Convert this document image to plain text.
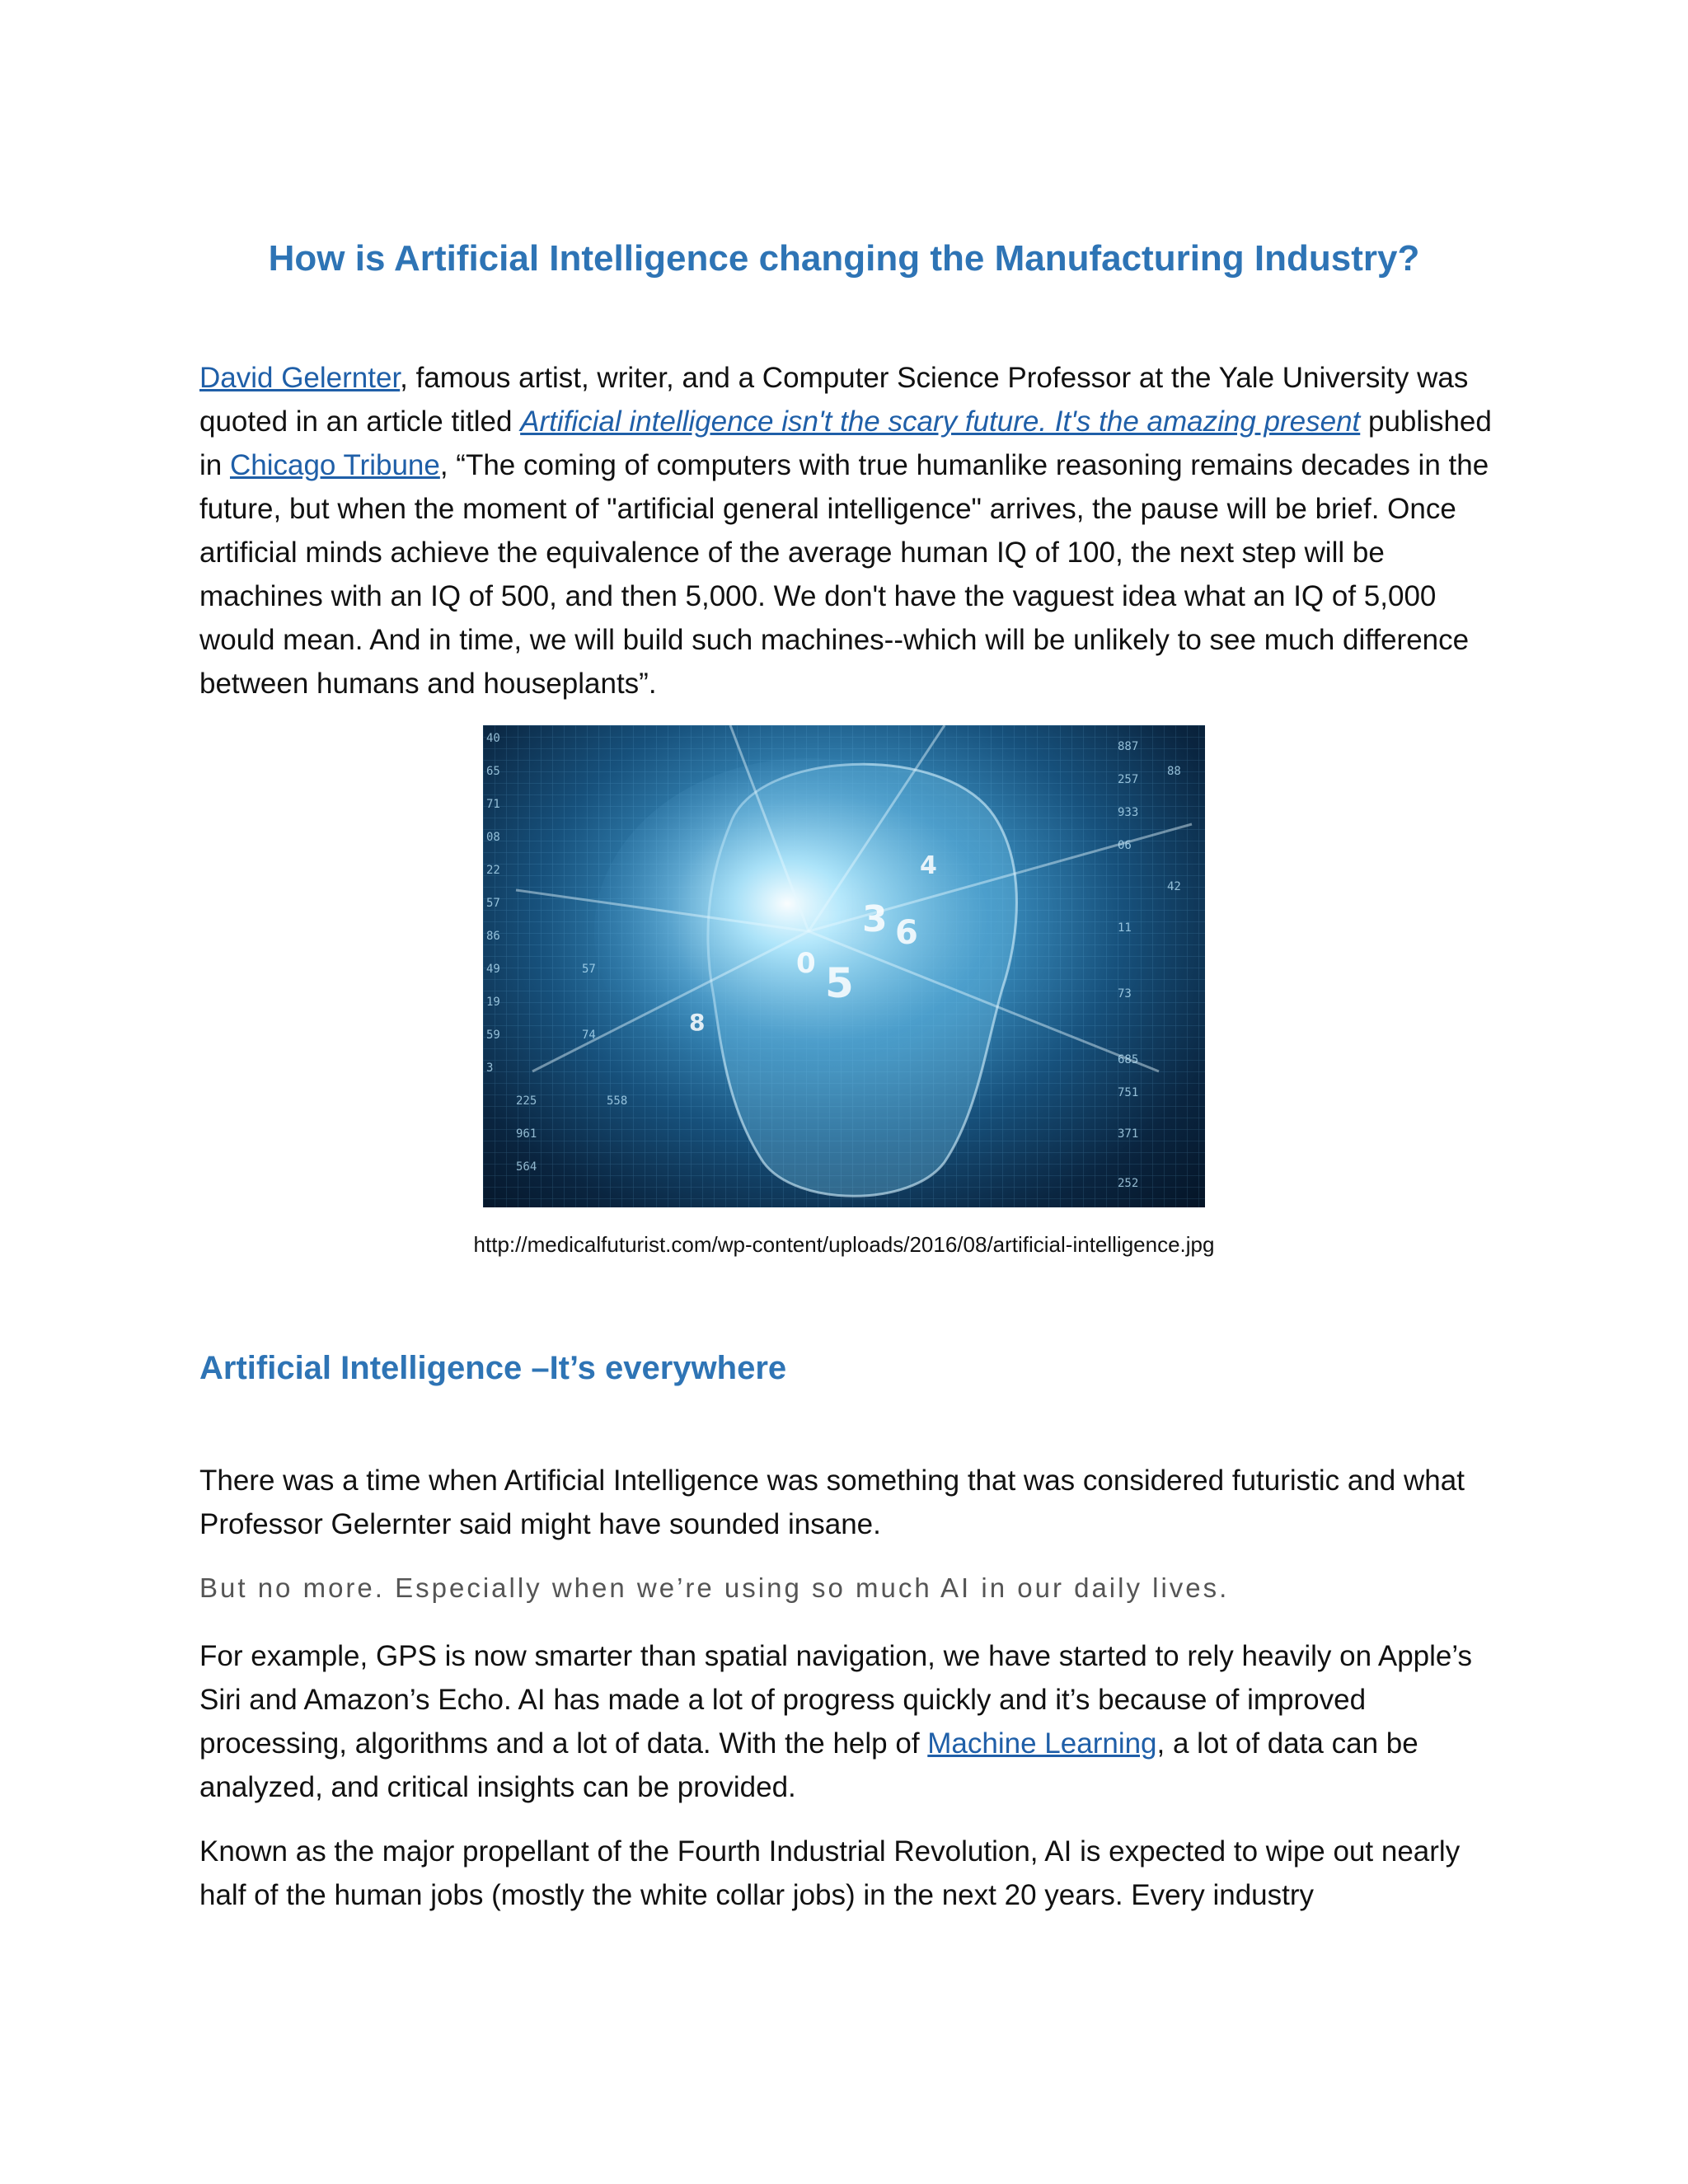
How is Artificial Intelligence changing the Manufacturing Industry?

David Gelernter, famous artist, writer, and a Computer Science Professor at the Yale University was quoted in an article titled Artificial intelligence isn't the scary future. It's the amazing present published in Chicago Tribune, “The coming of computers with true humanlike reasoning remains decades in the future, but when the moment of "artificial general intelligence" arrives, the pause will be brief. Once artificial minds achieve the equivalence of the average human IQ of 100, the next step will be machines with an IQ of 500, and then 5,000. We don't have the vaguest idea what an IQ of 5,000 would mean. And in time, we will build such machines--which will be unlikely to see much difference between humans and houseplants”.

40
65
71
08
22
57
86
49
19
59
3
225
961
564
887
257
933
06
11
73
685
751
371
252
88
42
57
74
558
3 6
5
0
8
4
http://medicalfuturist.com/wp-content/uploads/2016/08/artificial-intelligence.jpg
Artificial Intelligence –It’s everywhere

There was a time when Artificial Intelligence was something that was considered futuristic and what Professor Gelernter said might have sounded insane.

But no more. Especially when we’re using so much AI in our daily lives.

For example, GPS is now smarter than spatial navigation, we have started to rely heavily on Apple’s Siri and Amazon’s Echo. AI has made a lot of progress quickly and it’s because of improved processing, algorithms and a lot of data. With the help of Machine Learning, a lot of data can be analyzed, and critical insights can be provided.

Known as the major propellant of the Fourth Industrial Revolution, AI is expected to wipe out nearly half of the human jobs (mostly the white collar jobs) in the next 20 years. Every industry
